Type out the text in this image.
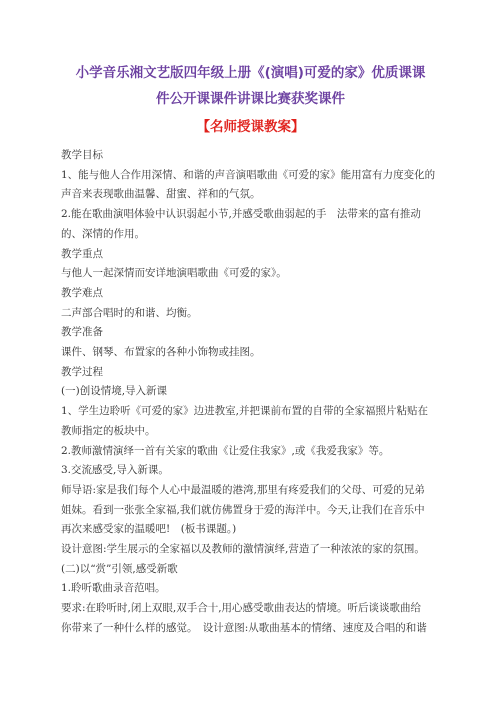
小学音乐湘文艺版四年级上册《(演唱)可爱的家》优质课课

件公开课课件讲课比赛获奖课件

【名师授课教案】

教学目标

1、能与他人合作用深情、和谐的声音演唱歌曲《可爱的家》能用富有力度变化的

声音来表现歌曲温馨、甜蜜、祥和的气氛。

2.能在歌曲演唱体验中认识弱起小节,并感受歌曲弱起的手　法带来的富有推动

的、深情的作用。

教学重点

与他人一起深情而安详地演唱歌曲《可爱的家》。

教学难点

二声部合唱时的和谐、均衡。

教学准备

课件、钢琴、布置家的各种小饰物或挂图。

教学过程

(一)创设情境,导入新课

1、学生边聆听《可爱的家》边进教室,并把课前布置的自带的全家福照片粘贴在

教师指定的板块中。

2.教师激情演绎一首有关家的歌曲《让爱住我家》,或《我爱我家》等。

3.交流感受,导入新课。

师导语:家是我们每个人心中最温暖的港湾,那里有疼爱我们的父母、可爱的兄弟

姐妹。看到一张张全家福,我们就仿佛置身于爱的海洋中。今天,让我们在音乐中

再次来感受家的温暖吧!　(板书课题。)

设计意图:学生展示的全家福以及教师的激情演绎,营造了一种浓浓的家的氛围。

(二)以“赏”引领,感受新歌

1.聆听歌曲录音范唱。

要求:在聆听时,闭上双眼,双手合十,用心感受歌曲表达的情境。听后谈谈歌曲给

你带来了一种什么样的感觉。　设计意图:从歌曲基本的情绪、速度及合唱的和谐
